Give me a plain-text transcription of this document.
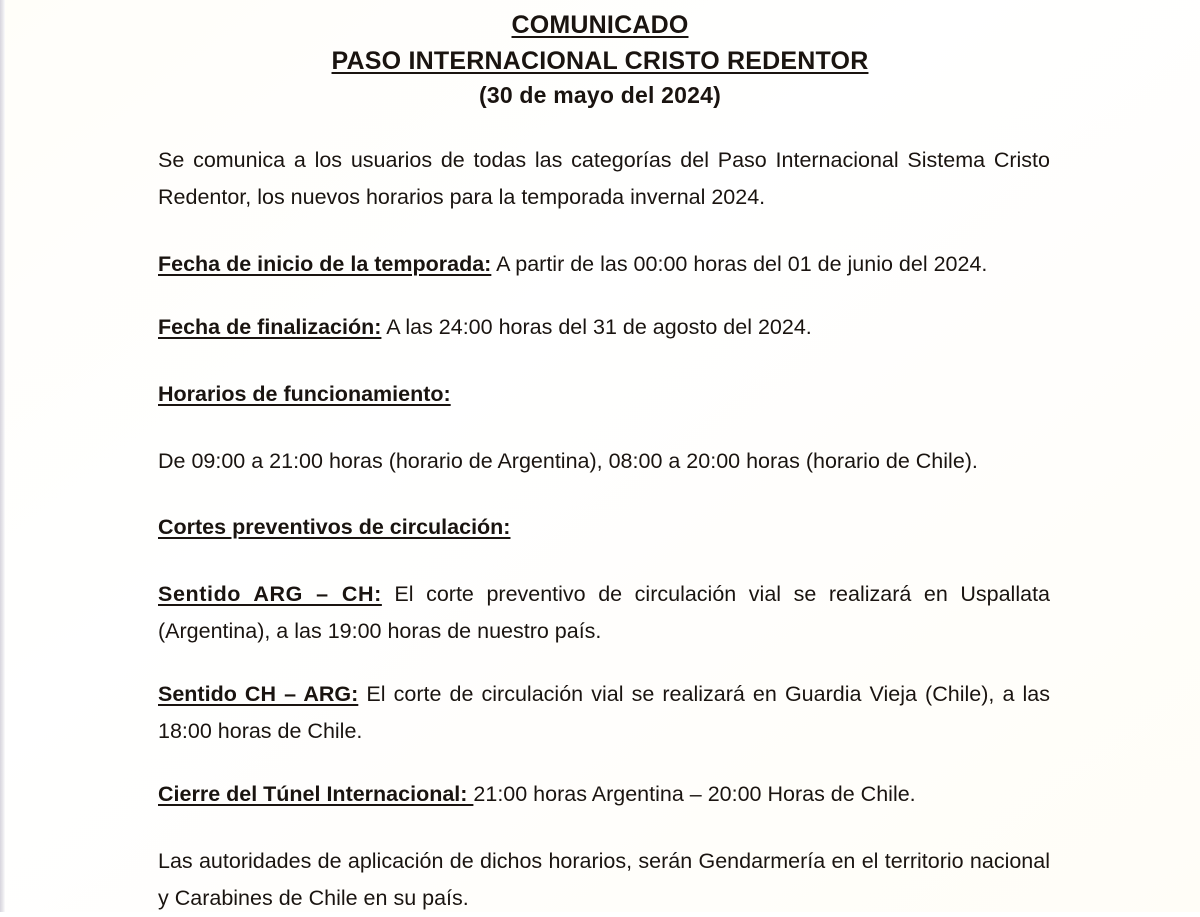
COMUNICADO
PASO INTERNACIONAL CRISTO REDENTOR
(30 de mayo del 2024)

Se comunica a los usuarios de todas las categorías del Paso Internacional Sistema Cristo Redentor, los nuevos horarios para la temporada invernal 2024.

Fecha de inicio de la temporada: A partir de las 00:00 horas del 01 de junio del 2024.

Fecha de finalización: A las 24:00 horas del 31 de agosto del 2024.

Horarios de funcionamiento:

De 09:00 a 21:00 horas (horario de Argentina), 08:00 a 20:00 horas (horario de Chile).

Cortes preventivos de circulación:

Sentido ARG – CH: El corte preventivo de circulación vial se realizará en Uspallata (Argentina), a las 19:00 horas de nuestro país.

Sentido CH – ARG: El corte de circulación vial se realizará en Guardia Vieja (Chile), a las 18:00 horas de Chile.

Cierre del Túnel Internacional: 21:00 horas Argentina – 20:00 Horas de Chile.

Las autoridades de aplicación de dichos horarios, serán Gendarmería en el territorio nacional y Carabines de Chile en su país.
